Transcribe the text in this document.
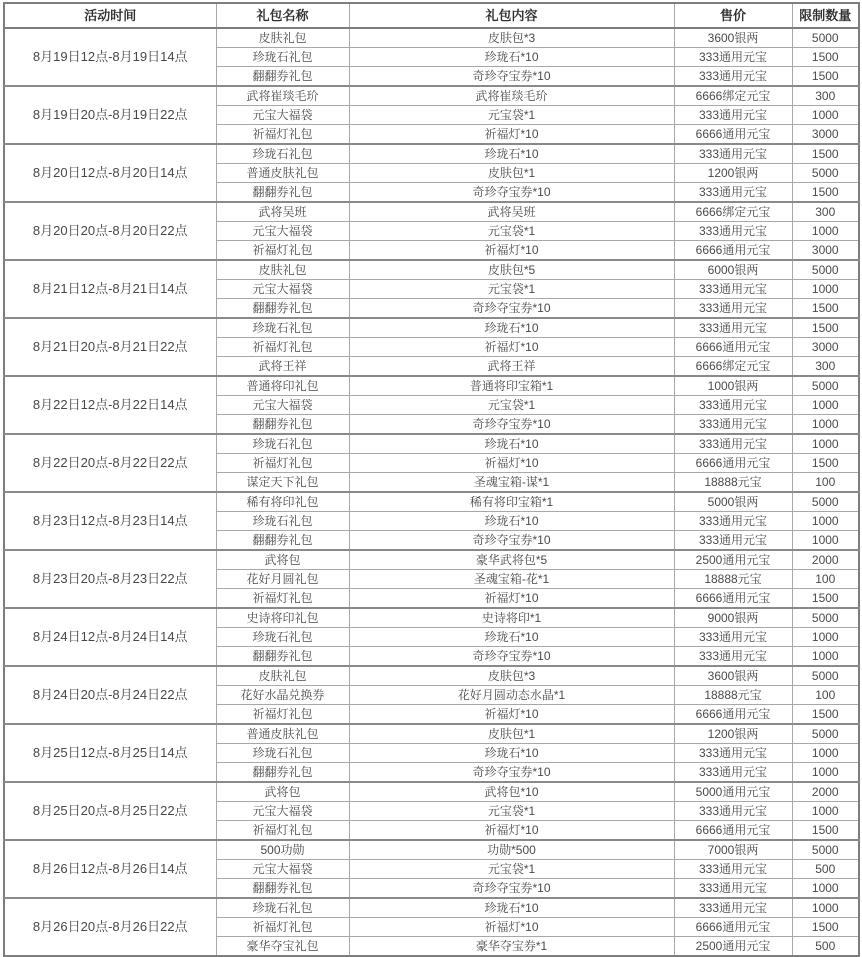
活动时间	礼包名称	礼包内容	售价	限制数量
8月19日12点-8月19日14点	皮肤礼包	皮肤包*3	3600银两	5000
	珍珑石礼包	珍珑石*10	333通用元宝	1500
	翻翻券礼包	奇珍夺宝券*10	333通用元宝	1500
8月19日20点-8月19日22点	武将崔琰毛玠	武将崔琰毛玠	6666绑定元宝	300
	元宝大福袋	元宝袋*1	333通用元宝	1000
	祈福灯礼包	祈福灯*10	6666通用元宝	3000
8月20日12点-8月20日14点	珍珑石礼包	珍珑石*10	333通用元宝	1500
	普通皮肤礼包	皮肤包*1	1200银两	5000
	翻翻券礼包	奇珍夺宝券*10	333通用元宝	1500
8月20日20点-8月20日22点	武将吴班	武将吴班	6666绑定元宝	300
	元宝大福袋	元宝袋*1	333通用元宝	1000
	祈福灯礼包	祈福灯*10	6666通用元宝	3000
8月21日12点-8月21日14点	皮肤礼包	皮肤包*5	6000银两	5000
	元宝大福袋	元宝袋*1	333通用元宝	1000
	翻翻券礼包	奇珍夺宝券*10	333通用元宝	1500
8月21日20点-8月21日22点	珍珑石礼包	珍珑石*10	333通用元宝	1500
	祈福灯礼包	祈福灯*10	6666通用元宝	3000
	武将王祥	武将王祥	6666绑定元宝	300
8月22日12点-8月22日14点	普通将印礼包	普通将印宝箱*1	1000银两	5000
	元宝大福袋	元宝袋*1	333通用元宝	1000
	翻翻券礼包	奇珍夺宝券*10	333通用元宝	1000
8月22日20点-8月22日22点	珍珑石礼包	珍珑石*10	333通用元宝	1000
	祈福灯礼包	祈福灯*10	6666通用元宝	1500
	谋定天下礼包	圣魂宝箱-谋*1	18888元宝	100
8月23日12点-8月23日14点	稀有将印礼包	稀有将印宝箱*1	5000银两	5000
	珍珑石礼包	珍珑石*10	333通用元宝	1000
	翻翻券礼包	奇珍夺宝券*10	333通用元宝	1000
8月23日20点-8月23日22点	武将包	豪华武将包*5	2500通用元宝	2000
	花好月圆礼包	圣魂宝箱-花*1	18888元宝	100
	祈福灯礼包	祈福灯*10	6666通用元宝	1500
8月24日12点-8月24日14点	史诗将印礼包	史诗将印*1	9000银两	5000
	珍珑石礼包	珍珑石*10	333通用元宝	1000
	翻翻券礼包	奇珍夺宝券*10	333通用元宝	1000
8月24日20点-8月24日22点	皮肤礼包	皮肤包*3	3600银两	5000
	花好水晶兑换券	花好月圆动态水晶*1	18888元宝	100
	祈福灯礼包	祈福灯*10	6666通用元宝	1500
8月25日12点-8月25日14点	普通皮肤礼包	皮肤包*1	1200银两	5000
	珍珑石礼包	珍珑石*10	333通用元宝	1000
	翻翻券礼包	奇珍夺宝券*10	333通用元宝	1000
8月25日20点-8月25日22点	武将包	武将包*10	5000通用元宝	2000
	元宝大福袋	元宝袋*1	333通用元宝	1000
	祈福灯礼包	祈福灯*10	6666通用元宝	1500
8月26日12点-8月26日14点	500功勋	功勋*500	7000银两	5000
	元宝大福袋	元宝袋*1	333通用元宝	500
	翻翻券礼包	奇珍夺宝券*10	333通用元宝	1000
8月26日20点-8月26日22点	珍珑石礼包	珍珑石*10	333通用元宝	1000
	祈福灯礼包	祈福灯*10	6666通用元宝	1500
	豪华夺宝礼包	豪华夺宝券*1	2500通用元宝	500
